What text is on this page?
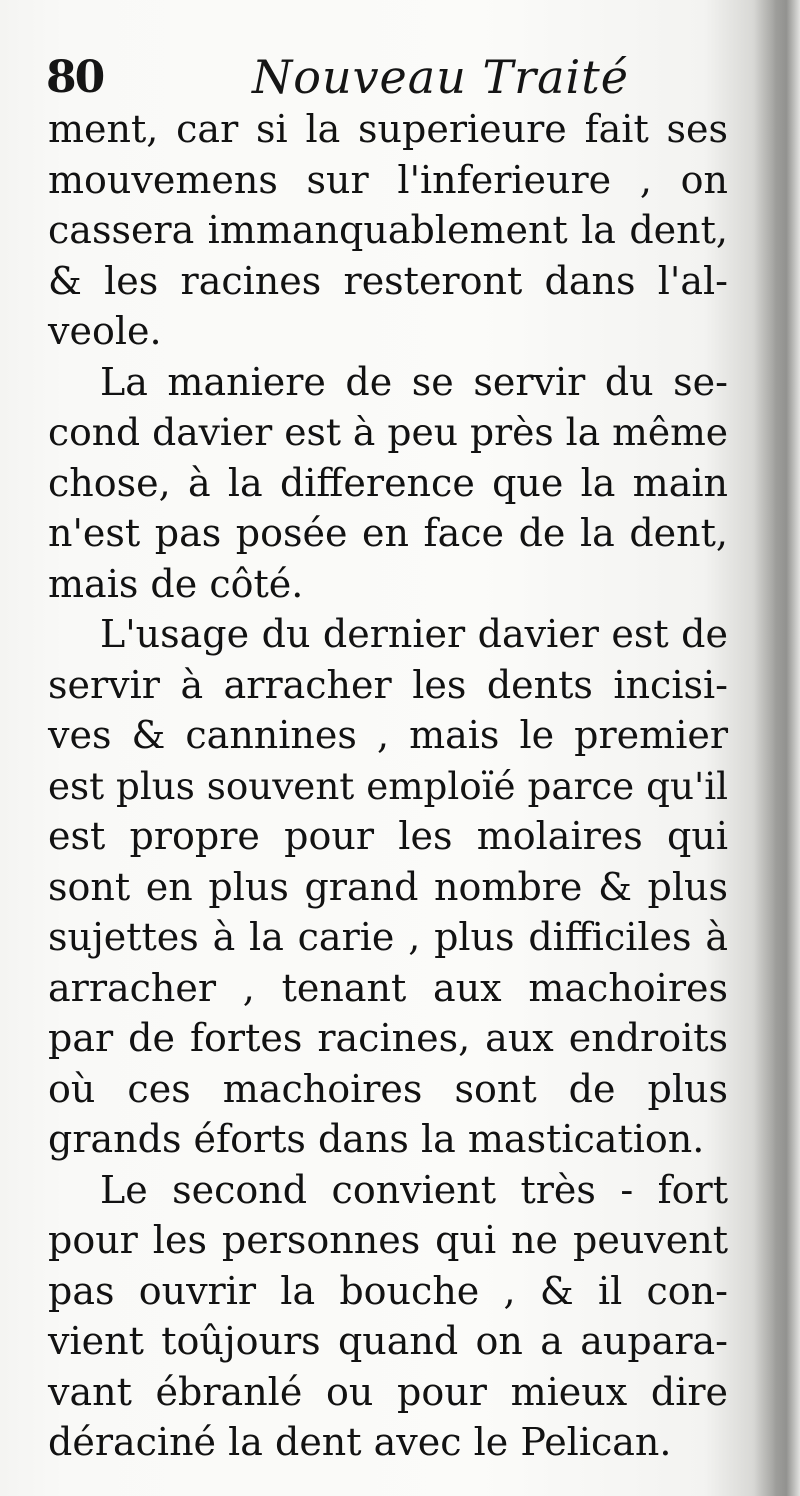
80	Nouveau Traité
ment, car si la superieure fait ses
mouvemens sur l'inferieure , on
cassera immanquablement la dent,
& les racines resteront dans l'al-
veole.
La maniere de se servir du se-
cond davier est à peu près la même
chose, à la difference que la main
n'est pas posée en face de la dent,
mais de côté.
L'usage du dernier davier est de
servir à arracher les dents incisi-
ves & cannines , mais le premier
est plus souvent emploïé parce qu'il
est propre pour les molaires qui
sont en plus grand nombre & plus
sujettes à la carie , plus difficiles à
arracher , tenant aux machoires
par de fortes racines, aux endroits
où ces machoires sont de plus
grands éforts dans la mastication.
Le second convient très - fort
pour les personnes qui ne peuvent
pas ouvrir la bouche , & il con-
vient toûjours quand on a aupara-
vant ébranlé ou pour mieux dire
déraciné la dent avec le Pelican.
